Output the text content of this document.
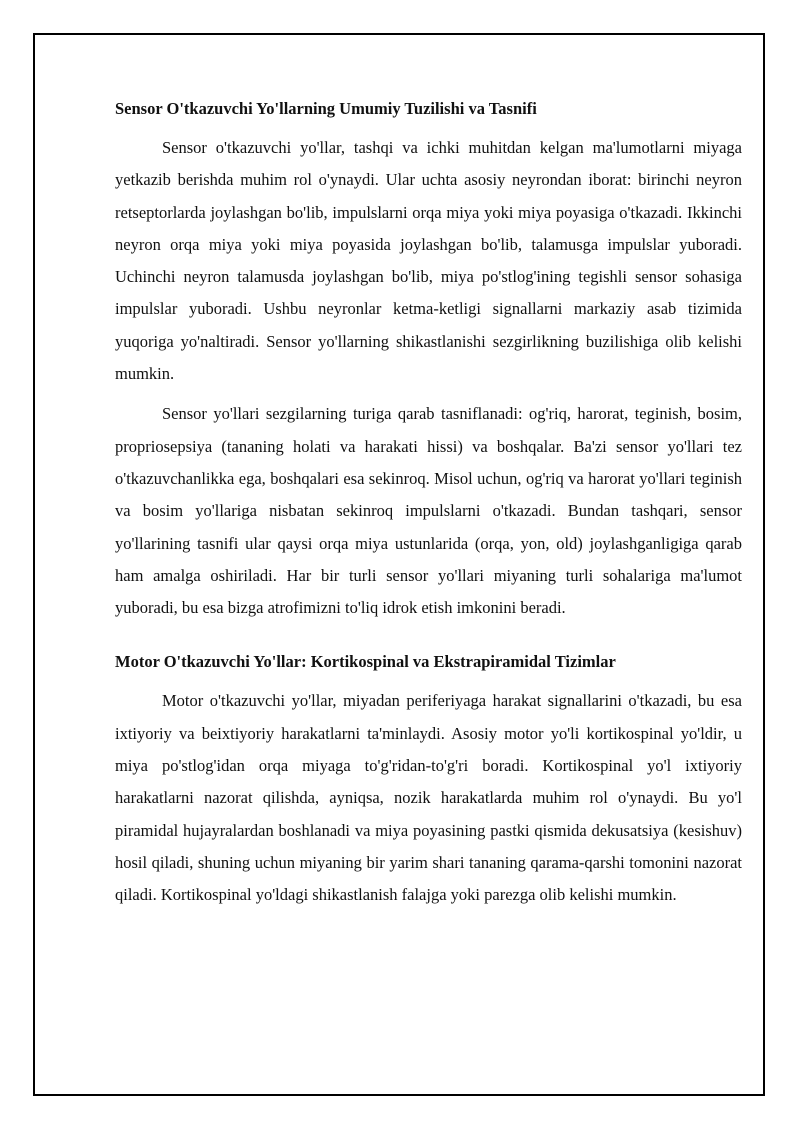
Sensor O'tkazuvchi Yo'llarning Umumiy Tuzilishi va Tasnifi

Sensor o'tkazuvchi yo'llar, tashqi va ichki muhitdan kelgan ma'lumotlarni miyaga yetkazib berishda muhim rol o'ynaydi. Ular uchta asosiy neyrondan iborat: birinchi neyron retseptorlarda joylashgan bo'lib, impulslarni orqa miya yoki miya poyasiga o'tkazadi. Ikkinchi neyron orqa miya yoki miya poyasida joylashgan bo'lib, talamusga impulslar yuboradi. Uchinchi neyron talamusda joylashgan bo'lib, miya po'stlog'ining tegishli sensor sohasiga impulslar yuboradi. Ushbu neyronlar ketma-ketligi signallarni markaziy asab tizimida yuqoriga yo'naltiradi. Sensor yo'llarning shikastlanishi sezgirlikning buzilishiga olib kelishi mumkin.

Sensor yo'llari sezgilarning turiga qarab tasniflanadi: og'riq, harorat, teginish, bosim, propriosepsiya (tananing holati va harakati hissi) va boshqalar. Ba'zi sensor yo'llari tez o'tkazuvchanlikka ega, boshqalari esa sekinroq. Misol uchun, og'riq va harorat yo'llari teginish va bosim yo'llariga nisbatan sekinroq impulslarni o'tkazadi. Bundan tashqari, sensor yo'llarining tasnifi ular qaysi orqa miya ustunlarida (orqa, yon, old) joylashganligiga qarab ham amalga oshiriladi. Har bir turli sensor yo'llari miyaning turli sohalariga ma'lumot yuboradi, bu esa bizga atrofimizni to'liq idrok etish imkonini beradi.

Motor O'tkazuvchi Yo'llar: Kortikospinal va Ekstrapiramidal Tizimlar

Motor o'tkazuvchi yo'llar, miyadan periferiyaga harakat signallarini o'tkazadi, bu esa ixtiyoriy va beixtiyoriy harakatlarni ta'minlaydi. Asosiy motor yo'li kortikospinal yo'ldir, u miya po'stlog'idan orqa miyaga to'g'ridan-to'g'ri boradi. Kortikospinal yo'l ixtiyoriy harakatlarni nazorat qilishda, ayniqsa, nozik harakatlarda muhim rol o'ynaydi. Bu yo'l piramidal hujayralardan boshlanadi va miya poyasining pastki qismida dekusatsiya (kesishuv) hosil qiladi, shuning uchun miyaning bir yarim shari tananing qarama-qarshi tomonini nazorat qiladi. Kortikospinal yo'ldagi shikastlanish falajga yoki parezga olib kelishi mumkin.
